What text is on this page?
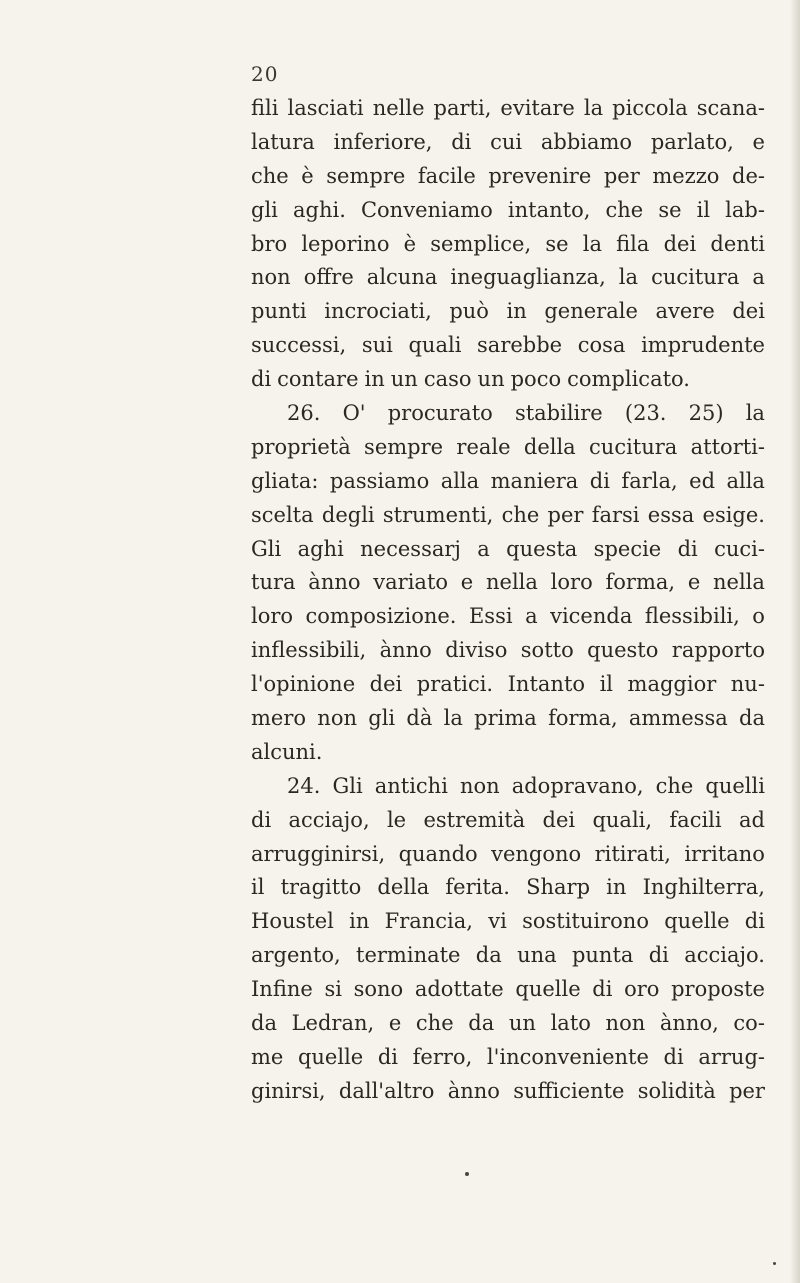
20
fili lasciati nelle parti, evitare la piccola scana-
latura inferiore, di cui abbiamo parlato, e
che è sempre facile prevenire per mezzo de-
gli aghi. Conveniamo intanto, che se il lab-
bro leporino è semplice, se la fila dei denti
non offre alcuna ineguaglianza, la cucitura a
punti incrociati, può in generale avere dei
successi, sui quali sarebbe cosa imprudente
di contare in un caso un poco complicato.
26. O' procurato stabilire (23. 25) la
proprietà sempre reale della cucitura attorti-
gliata: passiamo alla maniera di farla, ed alla
scelta degli strumenti, che per farsi essa esige.
Gli aghi necessarj a questa specie di cuci-
tura ànno variato e nella loro forma, e nella
loro composizione. Essi a vicenda flessibili, o
inflessibili, ànno diviso sotto questo rapporto
l'opinione dei pratici. Intanto il maggior nu-
mero non gli dà la prima forma, ammessa da
alcuni.
24. Gli antichi non adopravano, che quelli
di acciajo, le estremità dei quali, facili ad
arrugginirsi, quando vengono ritirati, irritano
il tragitto della ferita. Sharp in Inghilterra,
Houstel in Francia, vi sostituirono quelle di
argento, terminate da una punta di acciajo.
Infine si sono adottate quelle di oro proposte
da Ledran, e che da un lato non ànno, co-
me quelle di ferro, l'inconveniente di arrug-
ginirsi, dall'altro ànno sufficiente solidità per
